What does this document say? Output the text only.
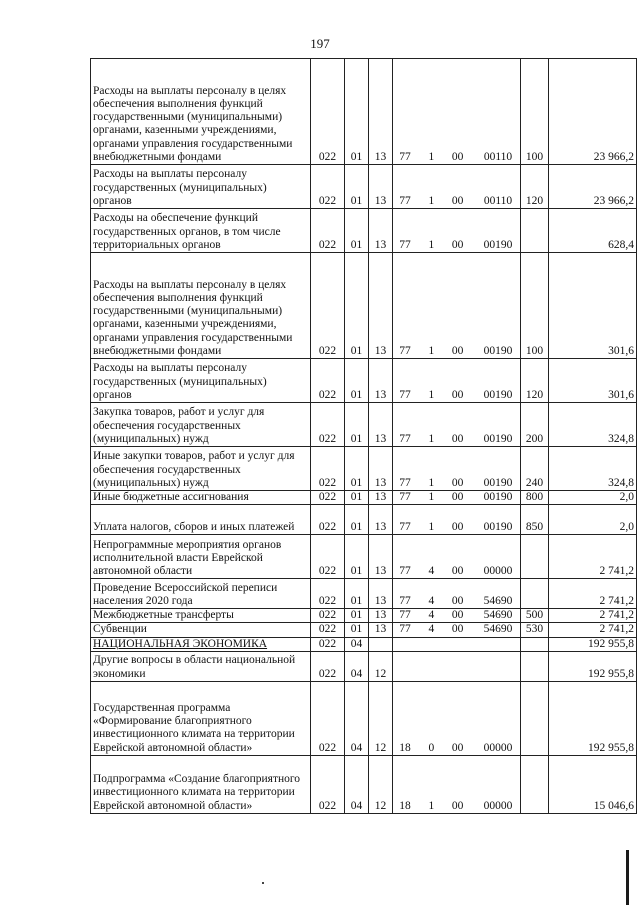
197
Расходы на выплаты персоналу в целях обеспечения выполнения функций государственными (муниципальными) органами, казенными учреждениями, органами управления государственными внебюджетными фондами	022	01	13	77 1 00 00110	100	23 966,2
Расходы на выплаты персоналу государственных (муниципальных) органов	022	01	13	77 1 00 00110	120	23 966,2
Расходы на обеспечение функций государственных органов, в том числе территориальных органов	022	01	13	77 1 00 00190		628,4
Расходы на выплаты персоналу в целях обеспечения выполнения функций государственными (муниципальными) органами, казенными учреждениями, органами управления государственными внебюджетными фондами	022	01	13	77 1 00 00190	100	301,6
Расходы на выплаты персоналу государственных (муниципальных) органов	022	01	13	77 1 00 00190	120	301,6
Закупка товаров, работ и услуг для обеспечения государственных (муниципальных) нужд	022	01	13	77 1 00 00190	200	324,8
Иные закупки товаров, работ и услуг для обеспечения государственных (муниципальных) нужд	022	01	13	77 1 00 00190	240	324,8
Иные бюджетные ассигнования	022	01	13	77 1 00 00190	800	2,0
Уплата налогов, сборов и иных платежей	022	01	13	77 1 00 00190	850	2,0
Непрограммные мероприятия органов исполнительной власти Еврейской автономной области	022	01	13	77 4 00 00000		2 741,2
Проведение Всероссийской переписи населения 2020 года	022	01	13	77 4 00 54690		2 741,2
Межбюджетные трансферты	022	01	13	77 4 00 54690	500	2 741,2
Субвенции	022	01	13	77 4 00 54690	530	2 741,2
НАЦИОНАЛЬНАЯ ЭКОНОМИКА	022	04				192 955,8
Другие вопросы в области национальной экономики	022	04	12			192 955,8
Государственная программа «Формирование благоприятного инвестиционного климата на территории Еврейской автономной области»	022	04	12	18 0 00 00000		192 955,8
Подпрограмма «Создание благоприятного инвестиционного климата на территории Еврейской автономной области»	022	04	12	18 1 00 00000		15 046,6
